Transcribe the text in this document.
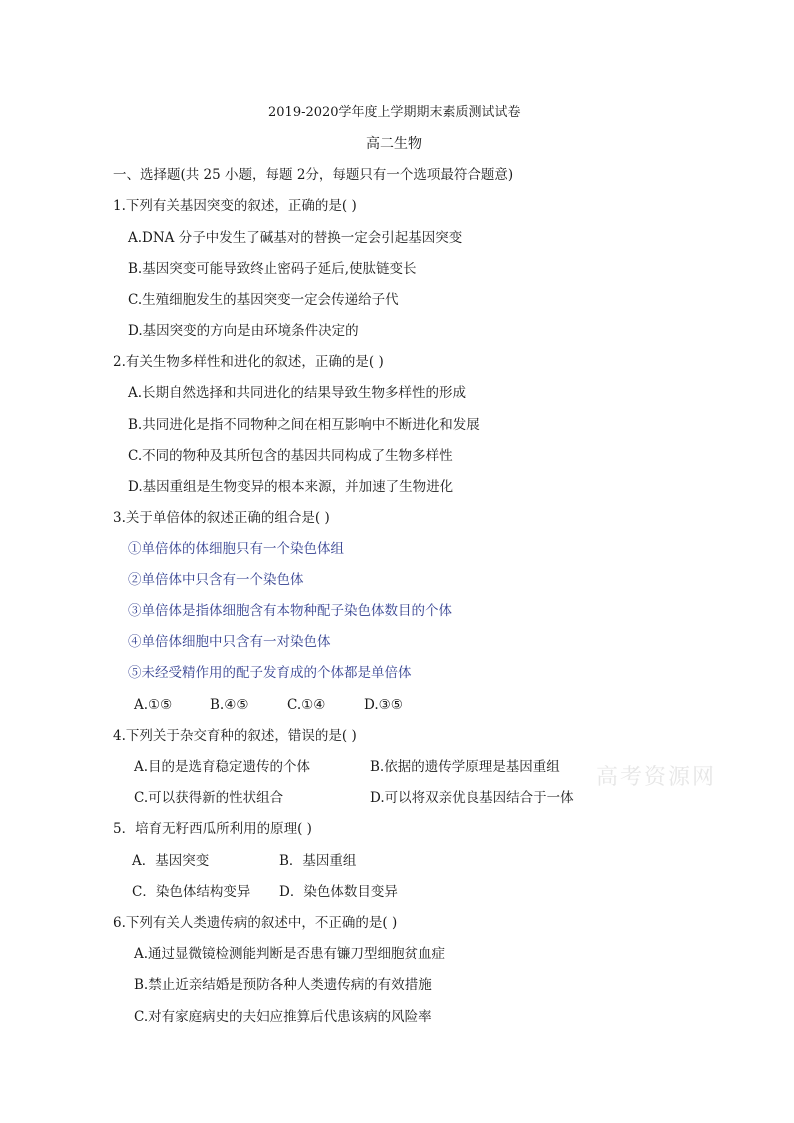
2019-2020学年度上学期期末素质测试试卷
高二生物
一、选择题(共 25 小题，每题 2分，每题只有一个选项最符合题意)
1.下列有关基因突变的叙述，正确的是( )
A.DNA 分子中发生了碱基对的替换一定会引起基因突变
B.基因突变可能导致终止密码子延后,使肽链变长
C.生殖细胞发生的基因突变一定会传递给子代
D.基因突变的方向是由环境条件决定的
2.有关生物多样性和进化的叙述，正确的是( )
A.长期自然选择和共同进化的结果导致生物多样性的形成
B.共同进化是指不同物种之间在相互影响中不断进化和发展
C.不同的物种及其所包含的基因共同构成了生物多样性
D.基因重组是生物变异的根本来源，并加速了生物进化
3.关于单倍体的叙述正确的组合是( )
①单倍体的体细胞只有一个染色体组
②单倍体中只含有一个染色体
③单倍体是指体细胞含有本物种配子染色体数目的个体
④单倍体细胞中只含有一对染色体
⑤未经受精作用的配子发育成的个体都是单倍体
A.①⑤	B.④⑤	C.①④	D.③⑤
4.下列关于杂交育种的叙述，错误的是( )
A.目的是选育稳定遗传的个体	B.依据的遗传学原理是基因重组
C.可以获得新的性状组合	D.可以将双亲优良基因结合于一体
高考资源网
5．培育无籽西瓜所利用的原理( )
A．基因突变	B．基因重组
C．染色体结构变异 D．染色体数目变异
6.下列有关人类遗传病的叙述中，不正确的是( )
A.通过显微镜检测能判断是否患有镰刀型细胞贫血症
B.禁止近亲结婚是预防各种人类遗传病的有效措施
C.对有家庭病史的夫妇应推算后代患该病的风险率
